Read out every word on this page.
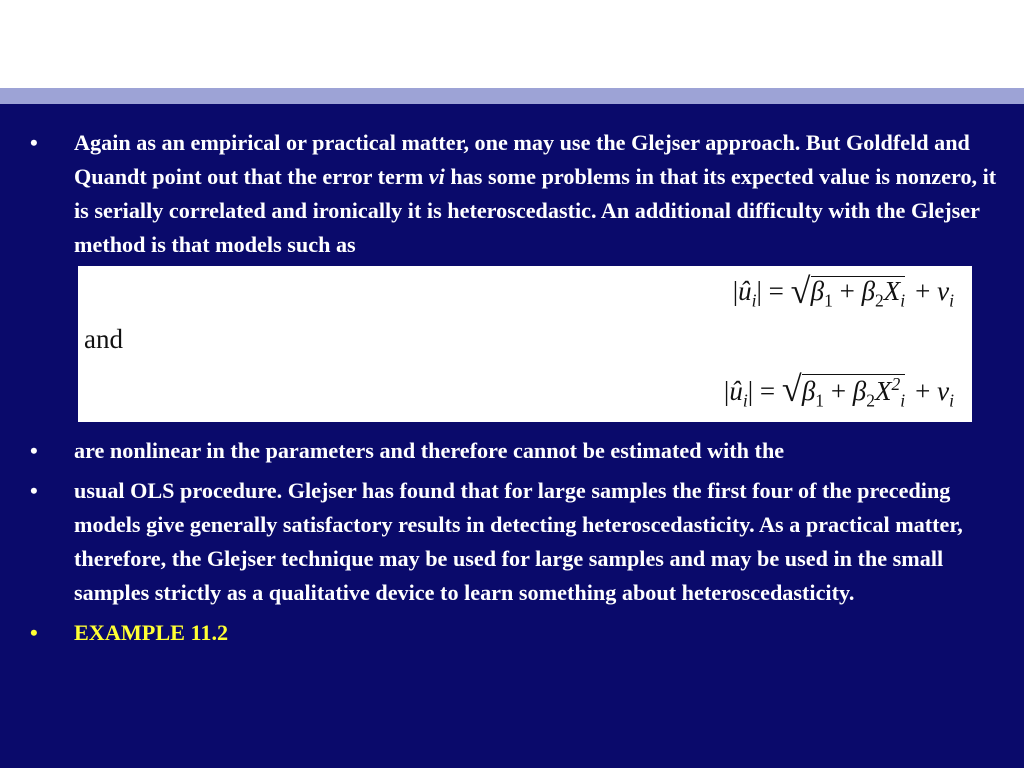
• Again as an empirical or practical matter, one may use the Glejser approach. But Goldfeld and Quandt point out that the error term vi has some problems in that its expected value is nonzero, it is serially correlated and ironically it is heteroscedastic. An additional difficulty with the Glejser method is that models such as

$|û_i|$ = √ $\beta_1 + \beta_2X_i + \nu_i$
and
$|û_i|$ = √ $\beta_1 + \beta_2X^2_i + \nu_i$

• are nonlinear in the parameters and therefore cannot be estimated with the

• usual OLS procedure. Glejser has found that for large samples the first four of the preceding models give generally satisfactory results in detecting heteroscedasticity. As a practical matter, therefore, the Glejser technique may be used for large samples and may be used in the small samples strictly as a qualitative device to learn something about heteroscedasticity.

• EXAMPLE 11.2
